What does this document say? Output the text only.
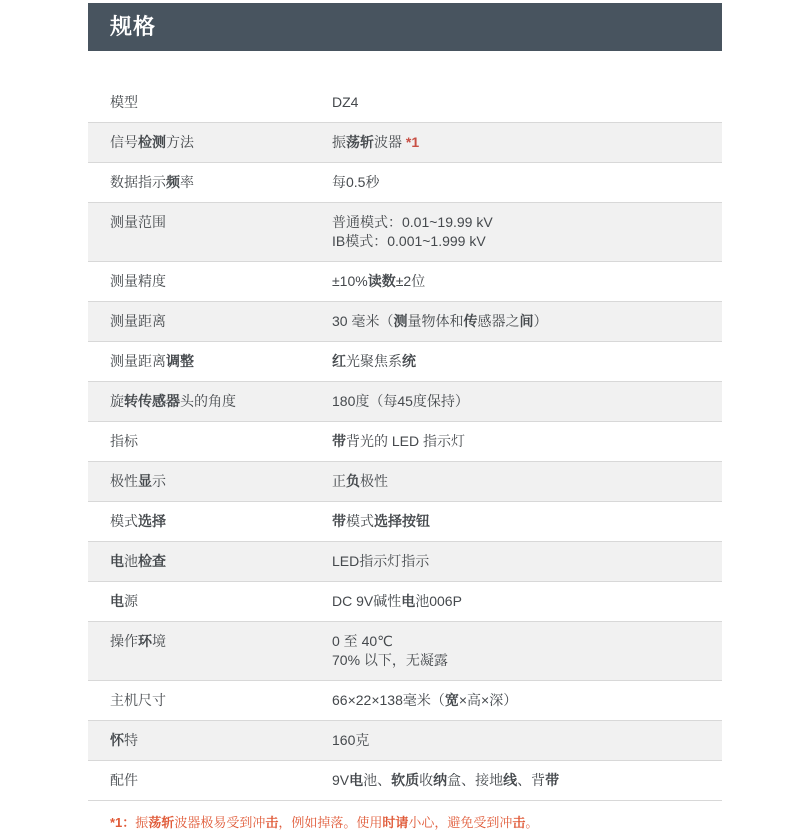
规格
模型	DZ4
信号检测方法	振荡斩波器 *1
数据指示频率	每0.5秒
测量范围	普通模式：0.01~19.99 kV
IB模式：0.001~1.999 kV
测量精度	±10%读数±2位
测量距离	30 毫米（测量物体和传感器之间）
测量距离调整	红光聚焦系统
旋转传感器头的角度	180度（每45度保持）
指标	带背光的 LED 指示灯
极性显示	正负极性
模式选择	带模式选择按钮
电池检查	LED指示灯指示
电源	DC 9V碱性电池006P
操作环境	0 至 40℃
70% 以下，无凝露
主机尺寸	66×22×138毫米（宽×高×深）
怀特	160克
配件	9V电池、软质收纳盒、接地线、背带
*1：振荡斩波器极易受到冲击，例如掉落。使用时请小心，避免受到冲击。
